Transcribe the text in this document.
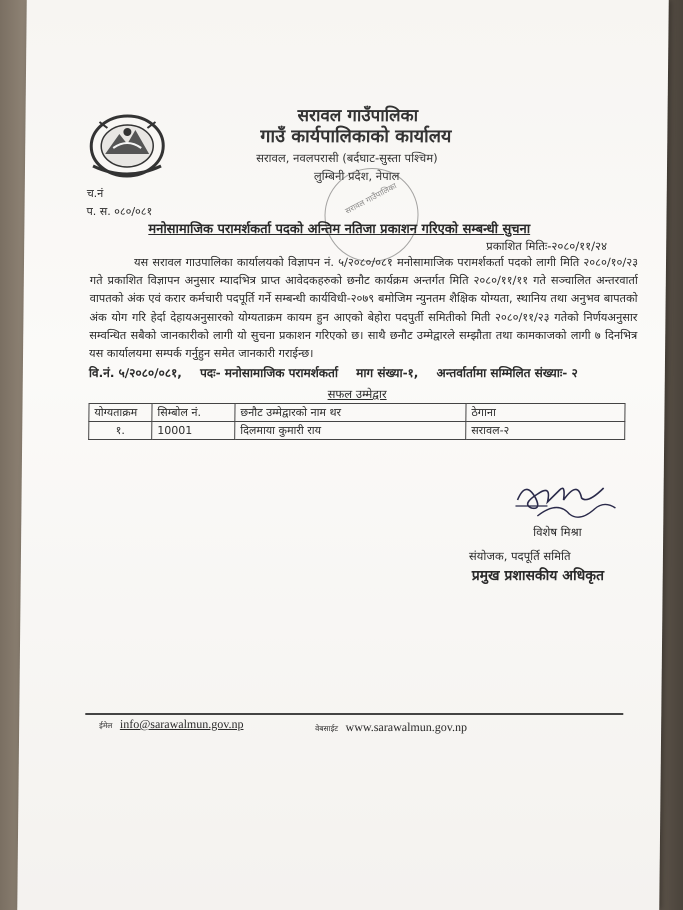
सरावल गाउँपालिका
गाउँ कार्यपालिकाको कार्यालय
सरावल, नवलपरासी (बर्दघाट-सुस्ता पश्चिम)
लुम्बिनी प्रदेश, नेपाल
सरावल गाउँपालिका
च.नं
प. स. ०८०/०८१
मनोसामाजिक परामर्शकर्ता पदको अन्तिम नतिजा प्रकाशन गरिएको सम्बन्धी सुचना
प्रकाशित मितिः-२०८०/११/२४
यस सरावल गाउपालिका कार्यालयको विज्ञापन नं. ५/२०८०/०८१ मनोसामाजिक परामर्शकर्ता पदको लागी मिति २०८०/१०/२३ गते प्रकाशित विज्ञापन अनुसार म्यादभित्र प्राप्त आवेदकहरुको छनौट कार्यक्रम अन्तर्गत मिति २०८०/११/११ गते सञ्चालित अन्तरवार्ता वापतको अंक एवं करार कर्मचारी पदपूर्ति गर्ने सम्बन्धी कार्यविधी-२०७९ बमोजिम न्युनतम शैक्षिक योग्यता, स्थानिय तथा अनुभव बापतको अंक योग गरि हेर्दा देहायअनुसारको योग्यताक्रम कायम हुन आएको बेहोरा पदपुर्ती समितीको मिती २०८०/११/२३ गतेको निर्णयअनुसार सम्वन्धित सबैको जानकारीको लागी यो सुचना प्रकाशन गरिएको छ। साथै छनौट उम्मेद्वारले सम्झौता तथा कामकाजको लागी ७ दिनभित्र यस कार्यालयमा सम्पर्क गर्नुहुन समेत जानकारी गराईन्छ।
वि.नं. ५/२०८०/०८१, पदः- मनोसामाजिक परामर्शकर्ता माग संख्या-१, अन्तर्वार्तामा सम्मिलित संख्याः- २
सफल उम्मेद्वार
योग्यताक्रम	सिम्बोल नं.	छनौट उम्मेद्वारको नाम थर	ठेगाना
१.	10001	दिलमाया कुमारी राय	सरावल-२
विशेष मिश्रा
संयोजक, पदपूर्ति समिति
प्रमुख प्रशासकीय अधिकृत
ईमेल info@sarawalmun.gov.np	वेबसाईट www.sarawalmun.gov.np
